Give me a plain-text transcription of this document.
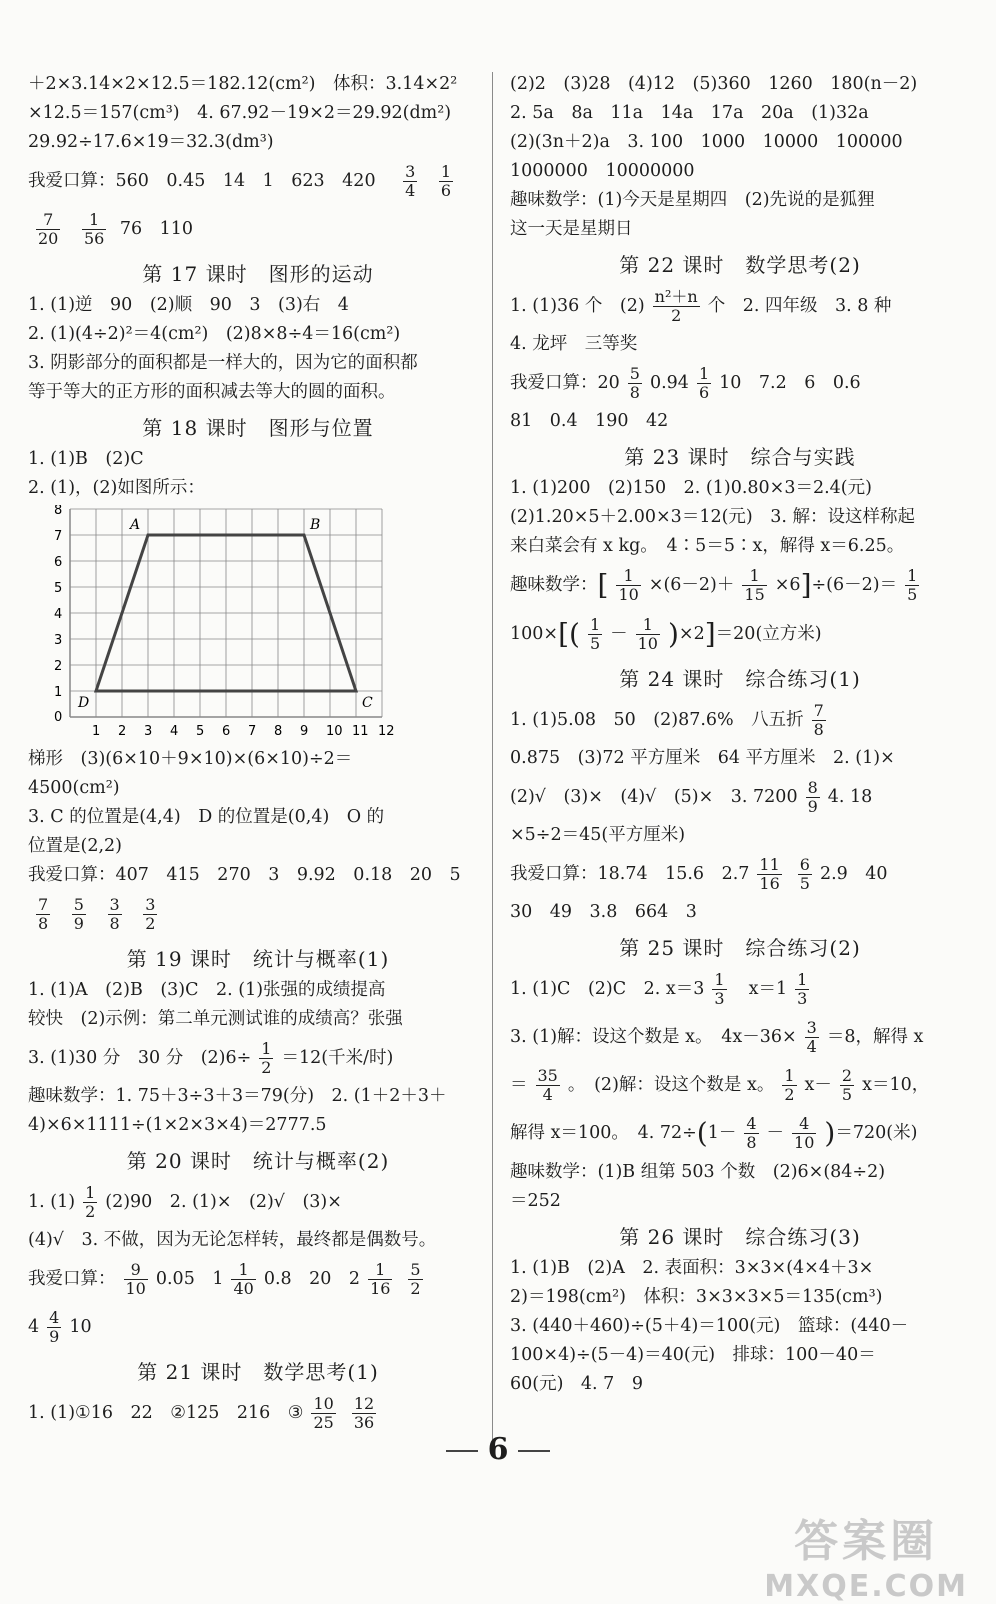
＋2×3.14×2×12.5＝182.12(cm²)　体积：3.14×2²
×12.5＝157(cm³)　4. 67.92－19×2＝29.92(dm²)
29.92÷17.6×19＝32.3(dm³)
我爱口算：560　0.45　14　1　623　$420 \frac{3}{4}$
$\frac{1}{6}$
$\frac{7}{20}$
$\frac{1}{56} 76$　110
第 17 课时　图形的运动
1. (1)逆　90　(2)顺　90　3　(3)右　4
2. (1)(4÷2)²＝4(cm²)　(2)8×8÷4＝16(cm²)
3. 阴影部分的面积都是一样大的，因为它的面积都
等于等大的正方形的面积减去等大的圆的面积。
第 18 课时　图形与位置
1. (1)B　(2)C
2. (1)，(2)如图所示：
0
1 2 3 4 5 6 7 8 9 10 11 12
1
2
3
4
5
6
7
8
A	B
C
D
梯形　(3)(6×10＋9×10)×(6×10)÷2＝
4500(cm²)
3. C 的位置是(4,4)　D 的位置是(0,4)　O 的
位置是(2,2)
我爱口算：407　415　270　3　9.92　0.18　20　5
$\frac{7}{8}$
$\frac{5}{9}$
$\frac{3}{8}$
$\frac{3}{2}$
第 19 课时　统计与概率(1)
1. (1)A　(2)B　(3)C　2. (1)张强的成绩提高
较快　(2)示例：第二单元测试谁的成绩高？张强
3. (1)30 分　30 分　$(2)6\div \frac{1}{2} =12$(千米/时)
趣味数学：1. 75＋3÷3＋3＝79(分)　2. (1＋2＋3＋
4)×6×1111÷(1×2×3×4)＝2777.5
第 20 课时　统计与概率(2)
1. $(1) \frac{1}{2} (2)90$　2. (1)×　(2)√　(3)×
(4)√　3. 不做，因为无论怎样转，最终都是偶数号。
我爱口算： $\frac{9}{10} 0.05$　$1 \frac{1}{40} 0.8$　20　$2 \frac{1}{16} \frac{5}{2}$
$4 \frac{4}{9} 10$
第 21 课时　数学思考(1)
1. (1)①16　22　②125　216　③ $\frac{10}{25} \frac{12}{36}$
(2)2　(3)28　(4)12　(5)360　1260　180(n－2)
2. 5a　8a　11a　14a　17a　20a　(1)32a
(2)(3n＋2)a　3. 100　1000　10000　100000
1000000　10000000
趣味数学：(1)今天是星期四　(2)先说的是狐狸
这一天是星期日
第 22 课时　数学思考(2)
1. (1)36 个　$(2) \frac{\text{n²＋n}}{2}$ 个　2. 四年级　3. 8 种
4. 龙坪　三等奖
我爱口算：$20 \frac{5}{8} 0.94 \frac{1}{6} 10$　7.2　6　0.6
81　0.4　190　42
第 23 课时　综合与实践
1. (1)200　(2)150　2. (1)0.80×3＝2.4(元)
(2)1.20×5＋2.00×3＝12(元)　3. 解：设这样称起
来白菜会有 x kg。　4∶5＝5∶x，解得 x＝6.25。
趣味数学：[ $\frac{1}{10} \times(6-2)+ \frac{1}{15} \times 6]\div(6-2)= \frac{1}{5}$
$100\times[( \frac{1}{5} - \frac{1}{10} )\times 2]=20$(立方米)
第 24 课时　综合练习(1)
1. (1)5.08　50　(2)87.6%　八五折 $\frac{7}{8}$
0.875　(3)72 平方厘米　64 平方厘米　2. (1)×
(2)√　(3)×　(4)√　(5)×　3. $7200 \frac{8}{9} 4$. 18
×5÷2＝45(平方厘米)
我爱口算：18.74　15.6　$2.7 \frac{11}{16} \frac{6}{5} 2.9$　40
30　49　3.8　664　3
第 25 课时　综合练习(2)
1. (1)C　(2)C　2. $x=3 \frac{1}{3} x=1 \frac{1}{3}$
3. (1)解：设这个数是 x。　$4x-36\times \frac{3}{4} =8$，解得 x
＝ $\frac{35}{4}$ 。　(2)解：设这个数是 x。 $\frac{1}{2} x- \frac{2}{5} x=10$，
解得 x＝100。　4. $72\div(1- \frac{4}{8} - \frac{4}{10} )=720$(米)
趣味数学：(1)B 组第 503 个数　(2)6×(84÷2)
＝252
第 26 课时　综合练习(3)
1. (1)B　(2)A　2. 表面积：3×3×(4×4＋3×
2)＝198(cm²)　体积：3×3×3×5＝135(cm³)
3. (440＋460)÷(5＋4)＝100(元)　篮球：(440－
100×4)÷(5－4)＝40(元)　排球：100－40＝
60(元)　4. 7　9
6
答案圈
MXQE.COM
